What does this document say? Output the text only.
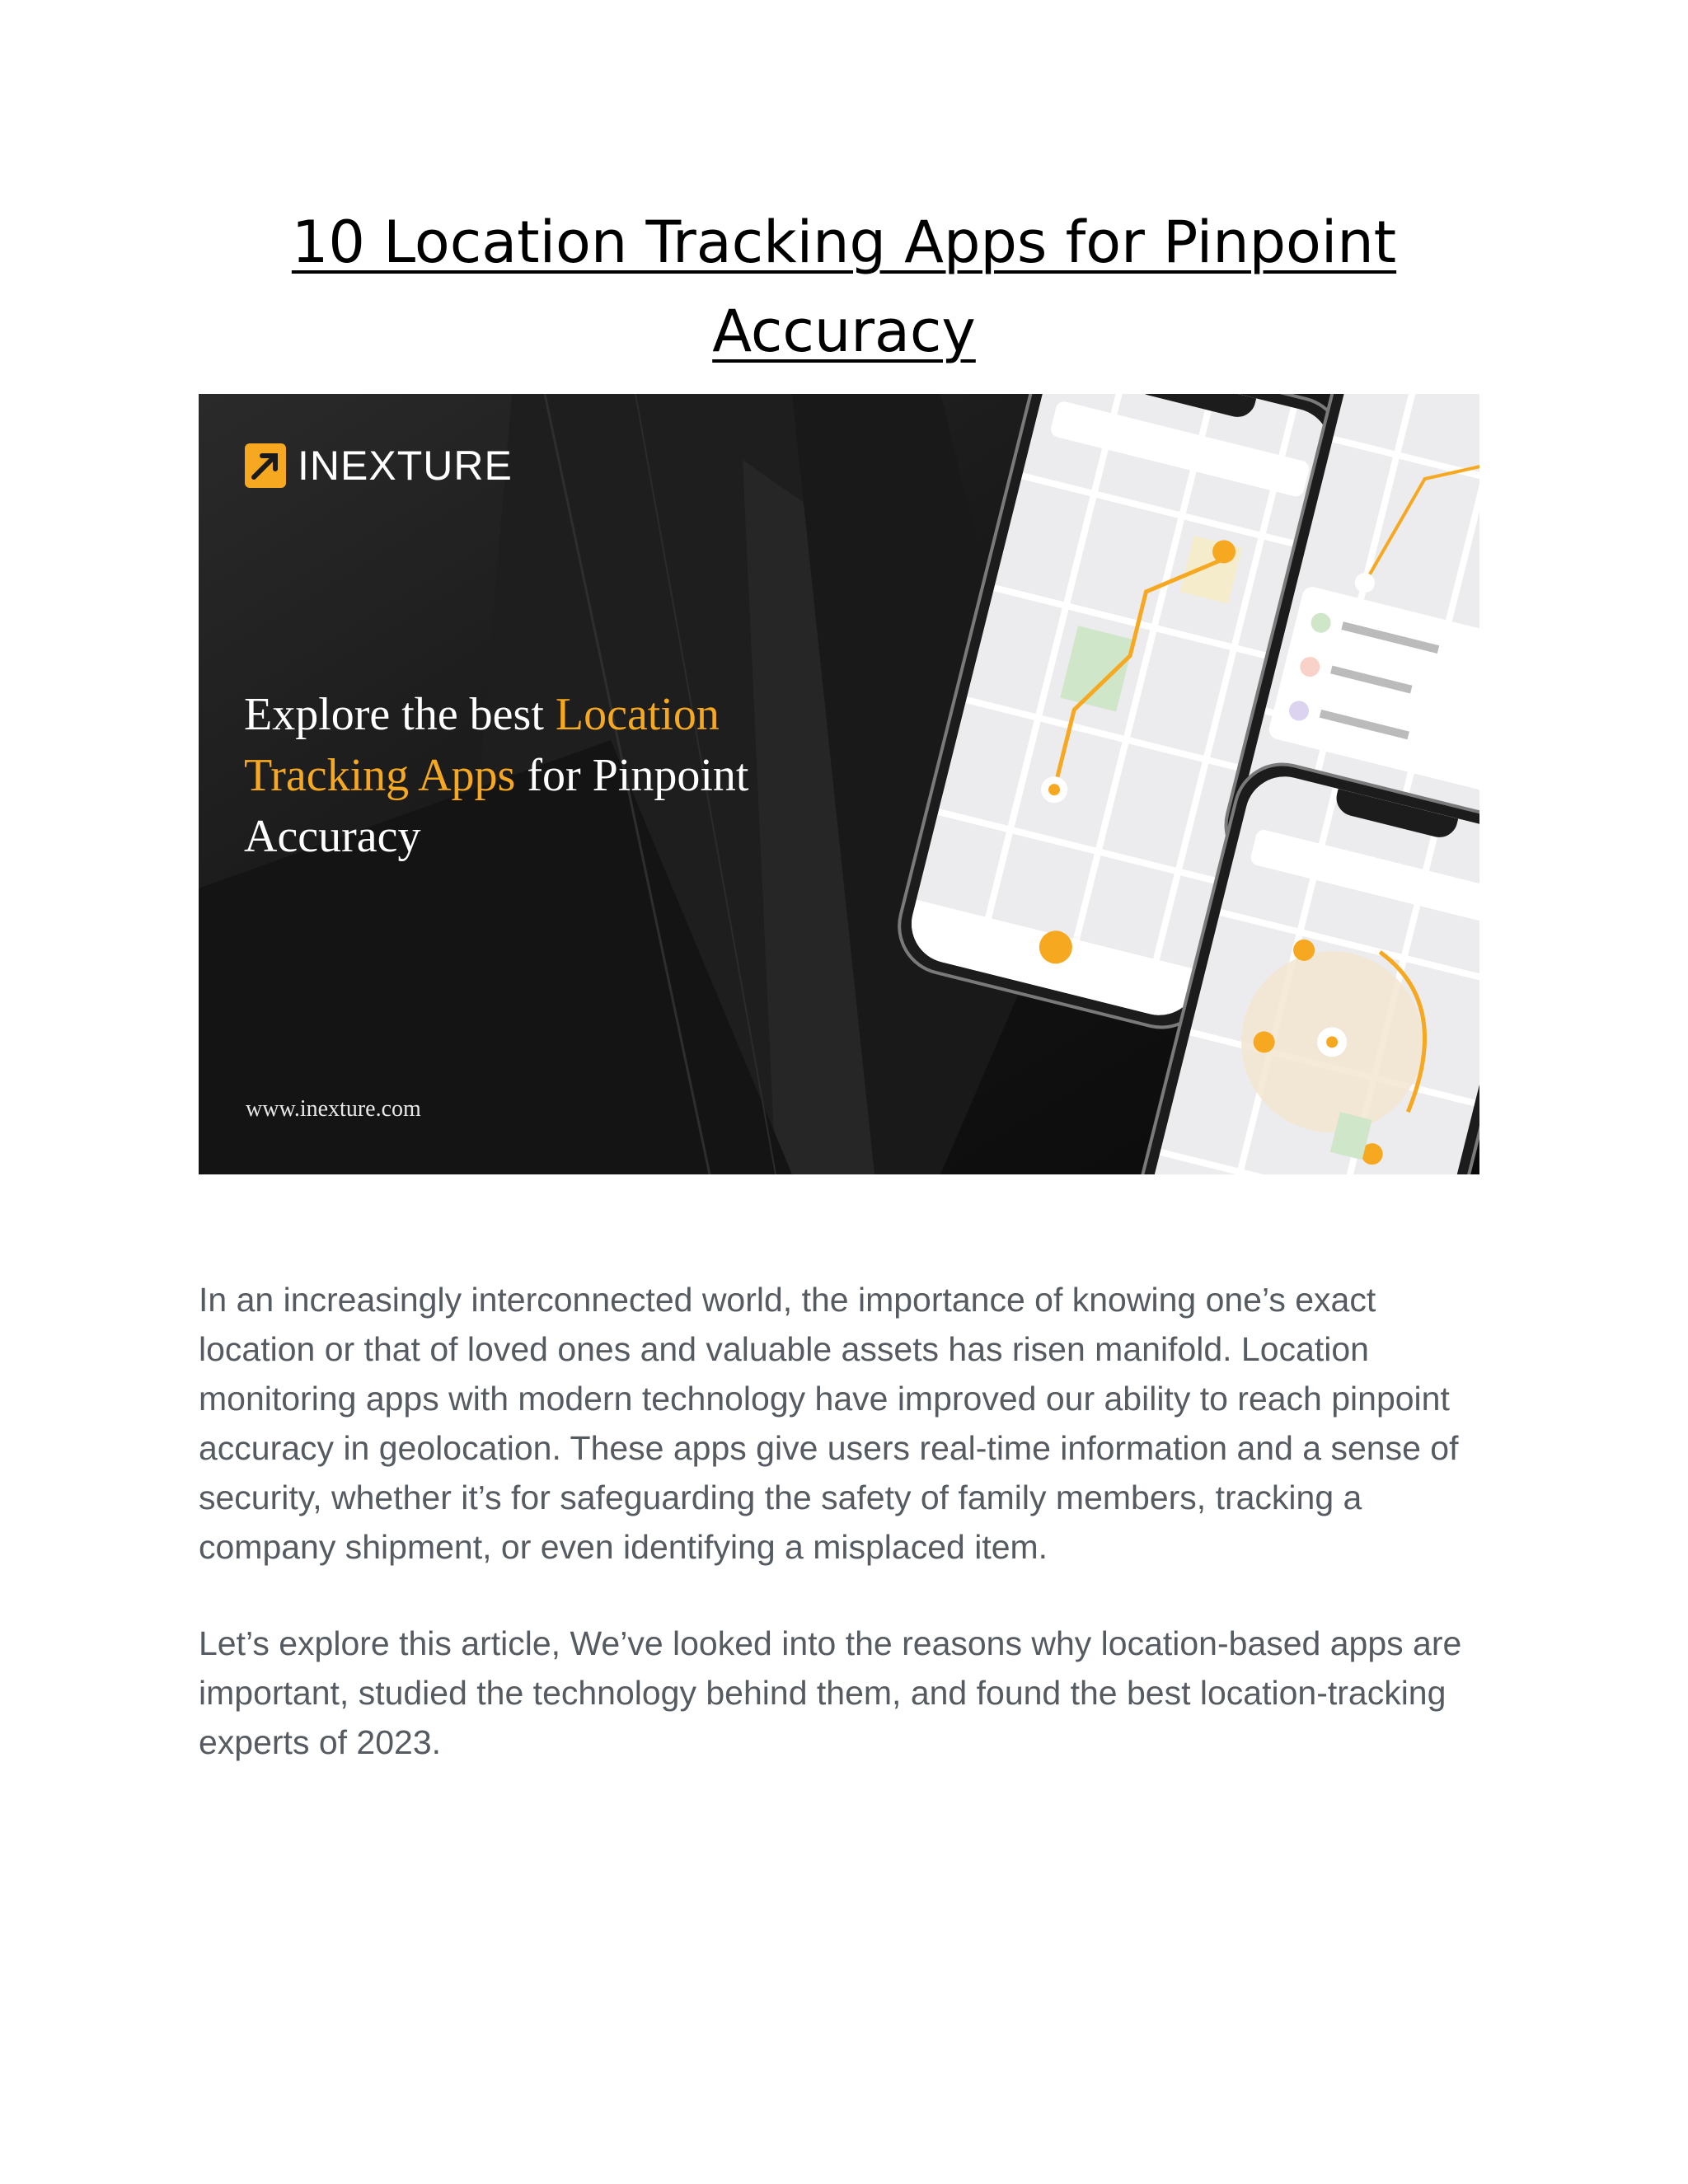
10 Location Tracking Apps for Pinpoint Accuracy
INEXTURE
Explore the best Location Tracking Apps for Pinpoint Accuracy
www.inexture.com

In an increasingly interconnected world, the importance of knowing one’s exact location or that of loved ones and valuable assets has risen manifold. Location monitoring apps with modern technology have improved our ability to reach pinpoint accuracy in geolocation. These apps give users real-time information and a sense of security, whether it’s for safeguarding the safety of family members, tracking a company shipment, or even identifying a misplaced item.

Let’s explore this article, We’ve looked into the reasons why location-based apps are important, studied the technology behind them, and found the best location-tracking experts of 2023.
